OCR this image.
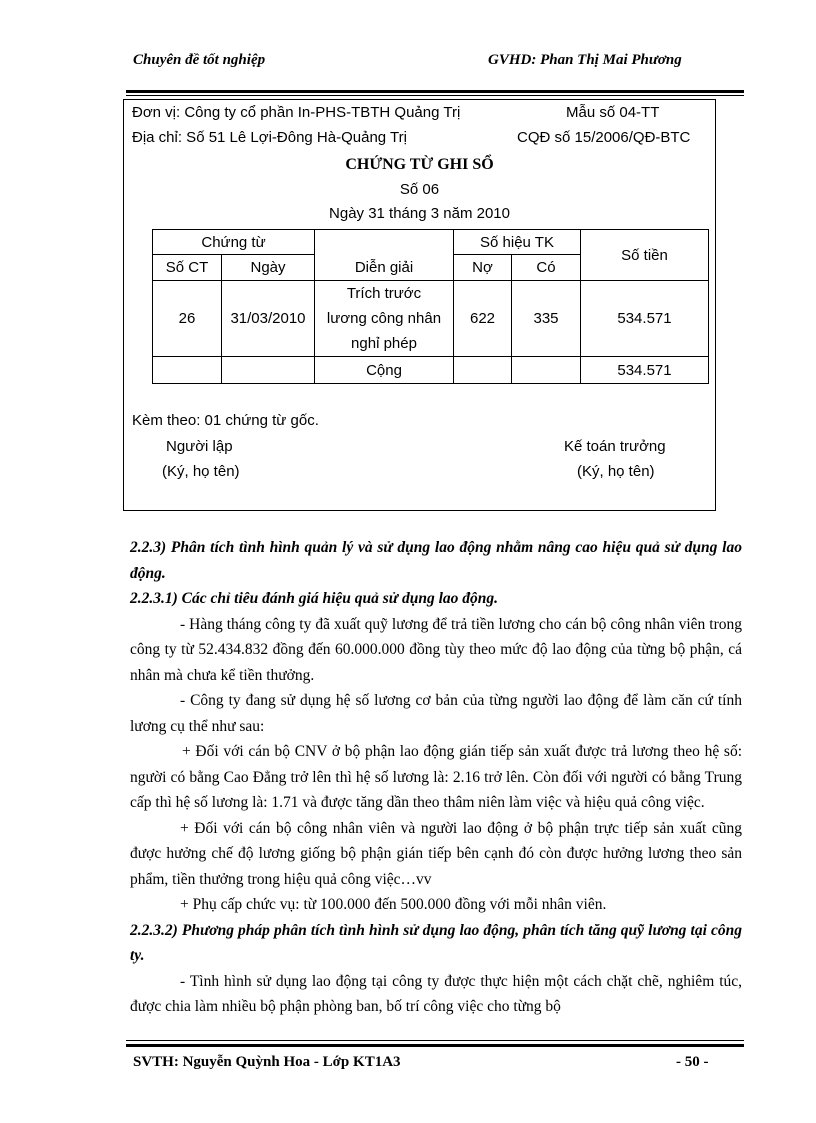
Chuyên đề tốt nghiệp	GVHD: Phan Thị Mai Phương
Đơn vị: Công ty cổ phần In-PHS-TBTH Quảng Trị	Mẫu số 04-TT
Địa chỉ: Số 51 Lê Lợi-Đông Hà-Quảng Trị	CQĐ số 15/2006/QĐ-BTC
CHỨNG TỪ GHI SỔ
Số 06
Ngày 31 tháng 3 năm 2010
Kèm theo: 01 chứng từ gốc.
Người lập
(Ký, họ tên)
Kế toán trưởng
(Ký, họ tên)
Chứng từ		Diễn giải	Số hiệu TK		Số tiền
Số CT	Ngày		Nợ	Có	
26	31/03/2010	Trích trước
lương công nhân
nghỉ phép	622	335	534.571
		Cộng			534.571
2.2.3) Phân tích tình hình quản lý và sử dụng lao động nhằm nâng cao hiệu quả sử dụng lao động.
2.2.3.1) Các chỉ tiêu đánh giá hiệu quả sử dụng lao động.
- Hàng tháng công ty đã xuất quỹ lương để trả tiền lương cho cán bộ công nhân viên trong công ty từ 52.434.832 đồng đến 60.000.000 đồng tùy theo mức độ lao động của từng bộ phận, cá nhân mà chưa kể tiền thưởng.
- Công ty đang sử dụng hệ số lương cơ bản của từng người lao động để làm căn cứ tính lương cụ thể như sau:
+ Đối với cán bộ CNV ở bộ phận lao động gián tiếp sản xuất được trả lương theo hệ số: người có bằng Cao Đẳng trở lên thì hệ số lương là: 2.16 trở lên. Còn đối với người có bằng Trung cấp thì hệ số lương là: 1.71 và được tăng dần theo thâm niên làm việc và hiệu quả công việc.
+ Đối với cán bộ công nhân viên và người lao động ở bộ phận trực tiếp sản xuất cũng được hưởng chế độ lương giống bộ phận gián tiếp bên cạnh đó còn được hưởng lương theo sản phẩm, tiền thưởng trong hiệu quả công việc…vv
+ Phụ cấp chức vụ: từ 100.000 đến 500.000 đồng với mỗi nhân viên.
2.2.3.2) Phương pháp phân tích tình hình sử dụng lao động, phân tích tăng quỹ lương tại công ty.
- Tình hình sử dụng lao động tại công ty được thực hiện một cách chặt chẽ, nghiêm túc, được chia làm nhiều bộ phận phòng ban, bố trí công việc cho từng bộ
SVTH: Nguyễn Quỳnh Hoa - Lớp KT1A3	- 50 -
